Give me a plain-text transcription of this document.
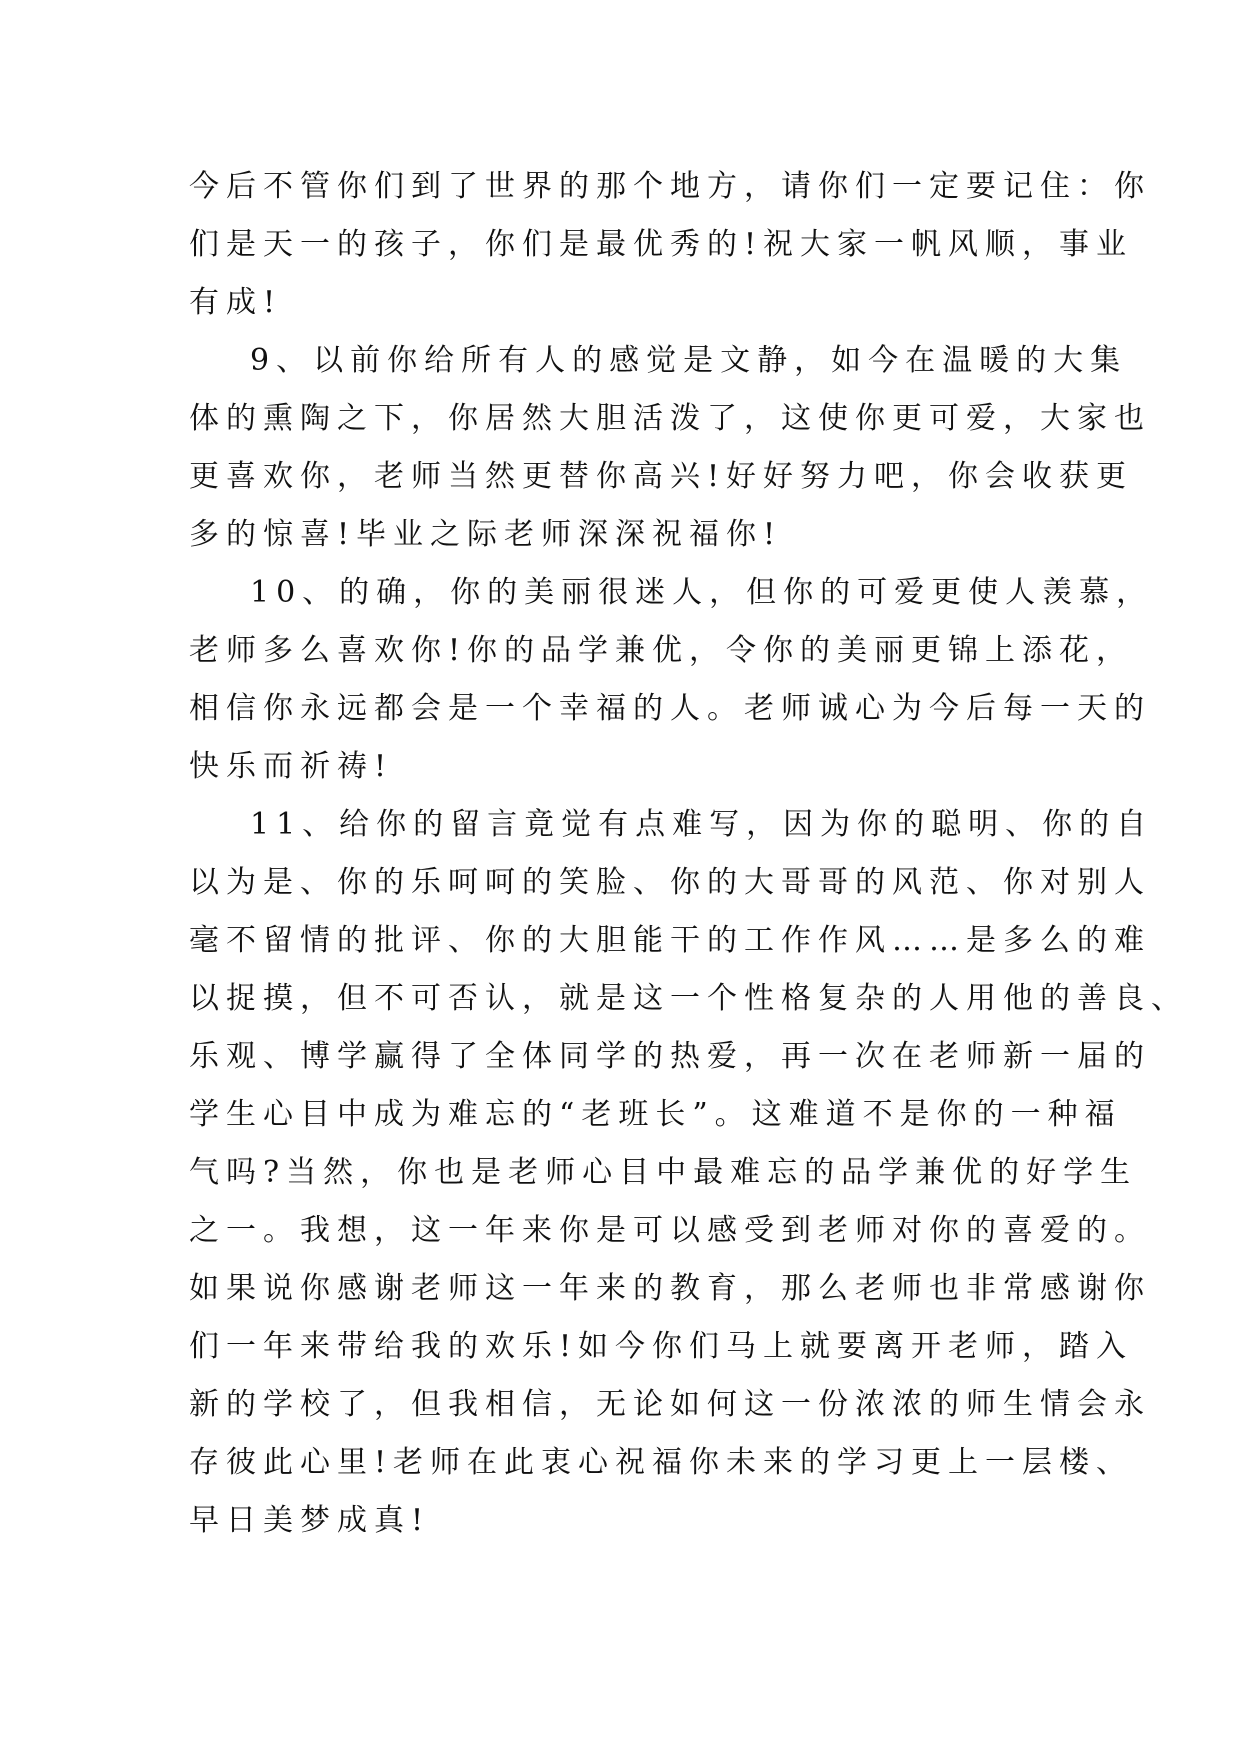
今后不管你们到了世界的那个地方，请你们一定要记住：你
们是天一的孩子，你们是最优秀的!祝大家一帆风顺，事业
有成!
9、以前你给所有人的感觉是文静，如今在温暖的大集
体的熏陶之下，你居然大胆活泼了，这使你更可爱，大家也
更喜欢你，老师当然更替你高兴!好好努力吧，你会收获更
多的惊喜!毕业之际老师深深祝福你!
10、的确，你的美丽很迷人，但你的可爱更使人羡慕，
老师多么喜欢你!你的品学兼优，令你的美丽更锦上添花，
相信你永远都会是一个幸福的人。老师诚心为今后每一天的
快乐而祈祷!
11、给你的留言竟觉有点难写，因为你的聪明、你的自
以为是、你的乐呵呵的笑脸、你的大哥哥的风范、你对别人
毫不留情的批评、你的大胆能干的工作作风……是多么的难
以捉摸，但不可否认，就是这一个性格复杂的人用他的善良、
乐观、博学赢得了全体同学的热爱，再一次在老师新一届的
学生心目中成为难忘的“老班长”。这难道不是你的一种福
气吗?当然，你也是老师心目中最难忘的品学兼优的好学生
之一。我想，这一年来你是可以感受到老师对你的喜爱的。
如果说你感谢老师这一年来的教育，那么老师也非常感谢你
们一年来带给我的欢乐!如今你们马上就要离开老师，踏入
新的学校了，但我相信，无论如何这一份浓浓的师生情会永
存彼此心里!老师在此衷心祝福你未来的学习更上一层楼、
早日美梦成真!
